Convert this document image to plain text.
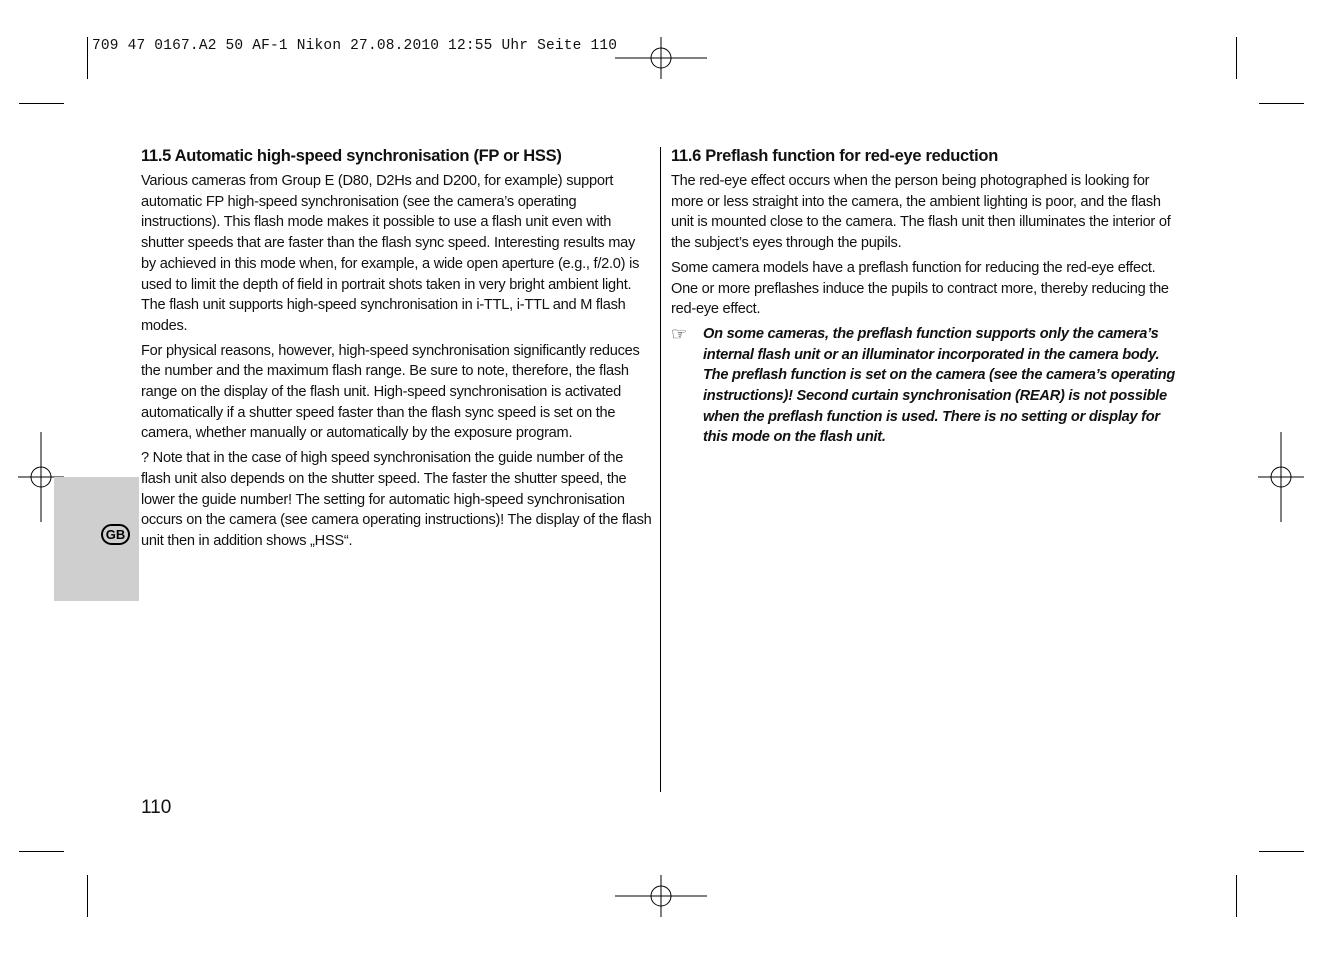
709 47 0167.A2 50 AF-1 Nikon 27.08.2010 12:55 Uhr Seite 110
GB
11.5 Automatic high-speed synchronisation (FP or HSS)

Various cameras from Group E (D80, D2Hs and D200, for example) support automatic FP high-speed synchronisation (see the camera’s operating instructions). This flash mode makes it possible to use a flash unit even with shutter speeds that are faster than the flash sync speed. Interesting results may by achieved in this mode when, for example, a wide open aperture (e.g., f/2.0) is used to limit the depth of field in portrait shots taken in very bright ambient light. The flash unit supports high-speed synchronisation in i-TTL, i-TTL and M flash modes.

For physical reasons, however, high-speed synchronisation significantly reduces the number and the maximum flash range. Be sure to note, therefore, the flash range on the display of the flash unit. High-speed synchronisation is activated automatically if a shutter speed faster than the flash sync speed is set on the camera, whether manually or automatically by the exposure program.

? Note that in the case of high speed synchronisation the guide number of the flash unit also depends on the shutter speed. The faster the shutter speed, the lower the guide number! The setting for automatic high-speed synchronisation occurs on the camera (see camera operating instructions)! The display of the flash unit then in addition shows „HSS“.

11.6 Preflash function for red-eye reduction

The red-eye effect occurs when the person being photographed is looking for more or less straight into the camera, the ambient lighting is poor, and the flash unit is mounted close to the camera. The flash unit then illuminates the interior of the subject’s eyes through the pupils.

Some camera models have a preflash function for reducing the red-eye effect. One or more preflashes induce the pupils to contract more, thereby reducing the red-eye effect.

☞ On some cameras, the preflash function supports only the camera’s internal flash unit or an illuminator incorporated in the camera body.

The preflash function is set on the camera (see the camera’s operating instructions)! Second curtain synchronisation (REAR) is not possible when the preflash function is used. There is no setting or display for this mode on the flash unit.

110
